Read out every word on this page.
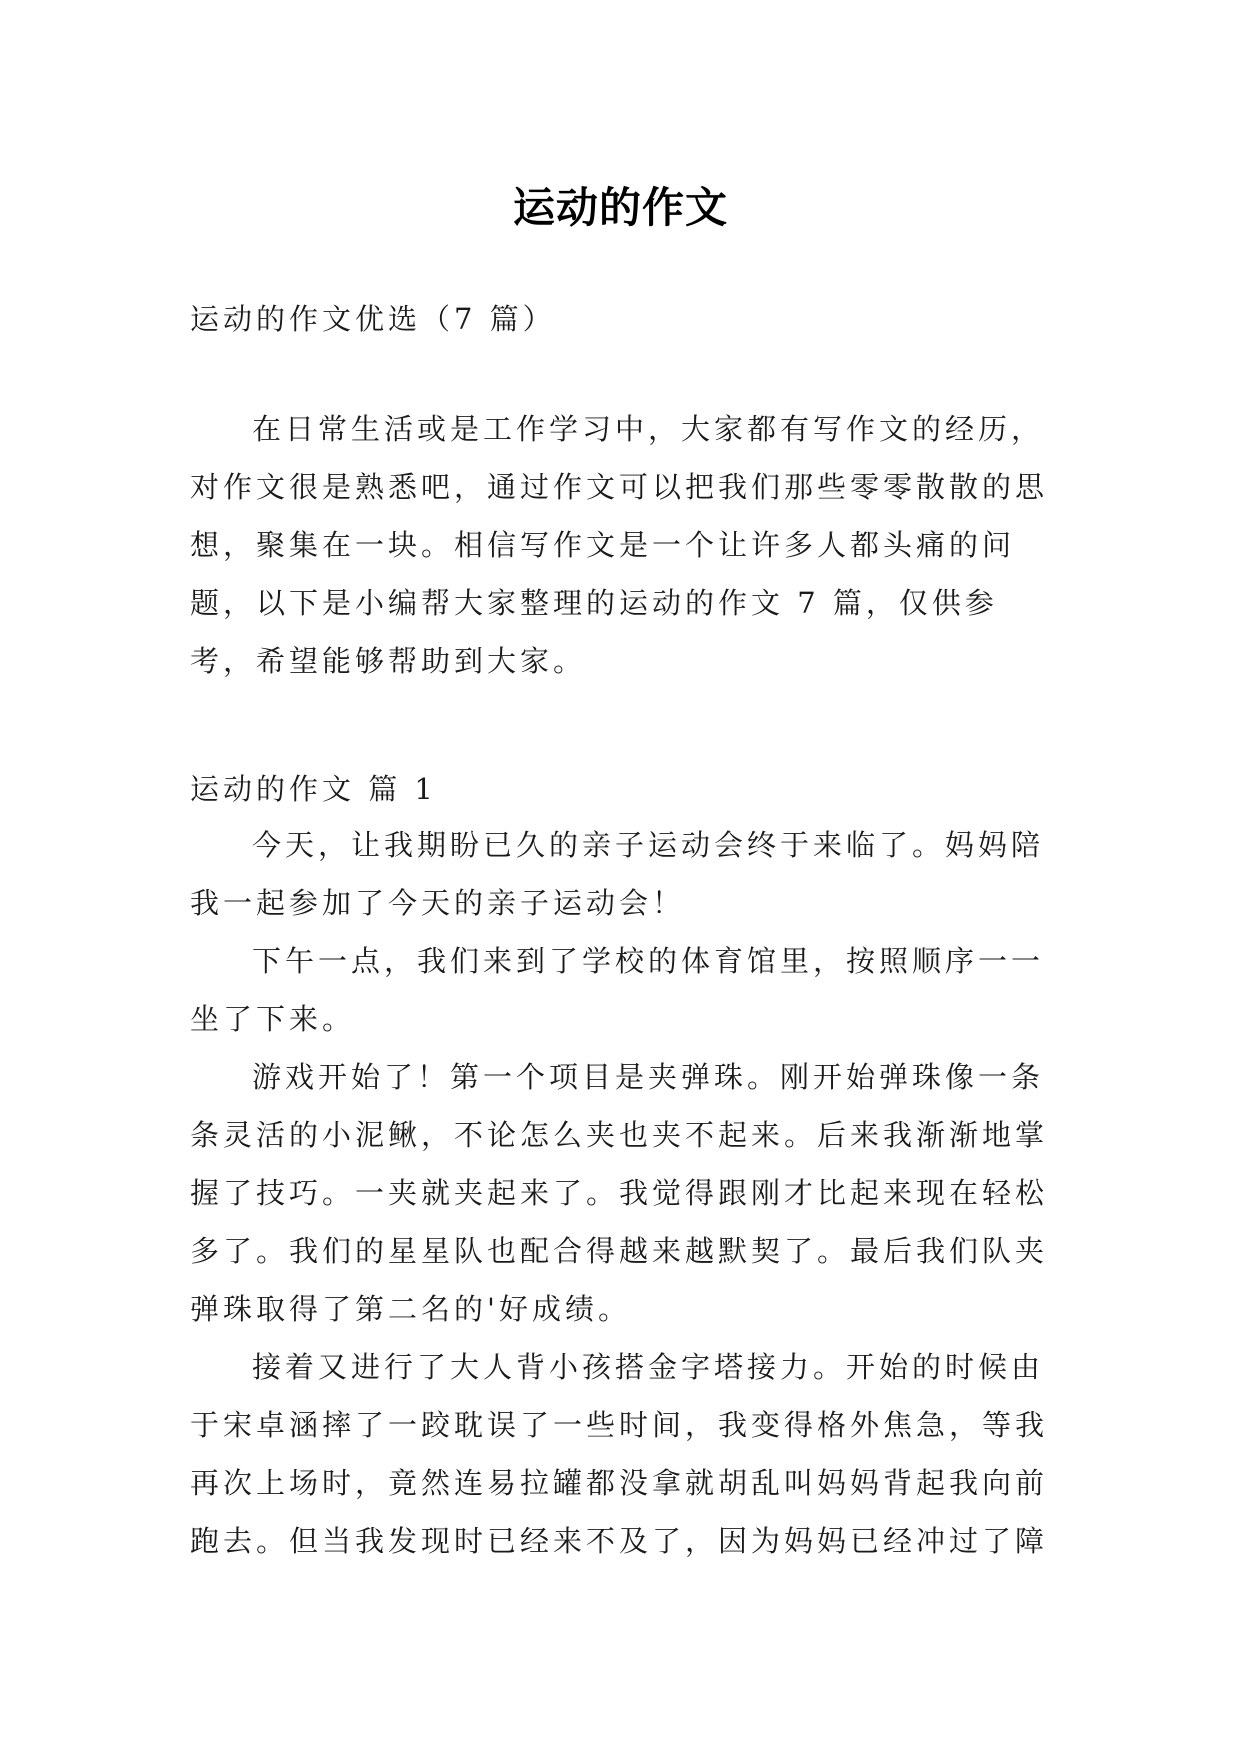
运动的作文

运动的作文优选（7 篇）

在日常生活或是工作学习中，大家都有写作文的经历，对作文很是熟悉吧，通过作文可以把我们那些零零散散的思想，聚集在一块。相信写作文是一个让许多人都头痛的问题，以下是小编帮大家整理的运动的作文 7 篇，仅供参考，希望能够帮助到大家。

运动的作文 篇 1

今天，让我期盼已久的亲子运动会终于来临了。妈妈陪我一起参加了今天的亲子运动会！

下午一点，我们来到了学校的体育馆里，按照顺序一一坐了下来。

游戏开始了！第一个项目是夹弹珠。刚开始弹珠像一条条灵活的小泥鳅，不论怎么夹也夹不起来。后来我渐渐地掌握了技巧。一夹就夹起来了。我觉得跟刚才比起来现在轻松多了。我们的星星队也配合得越来越默契了。最后我们队夹弹珠取得了第二名的'好成绩。

接着又进行了大人背小孩搭金字塔接力。开始的时候由于宋卓涵摔了一跤耽误了一些时间，我变得格外焦急，等我再次上场时，竟然连易拉罐都没拿就胡乱叫妈妈背起我向前跑去。但当我发现时已经来不及了，因为妈妈已经冲过了障
